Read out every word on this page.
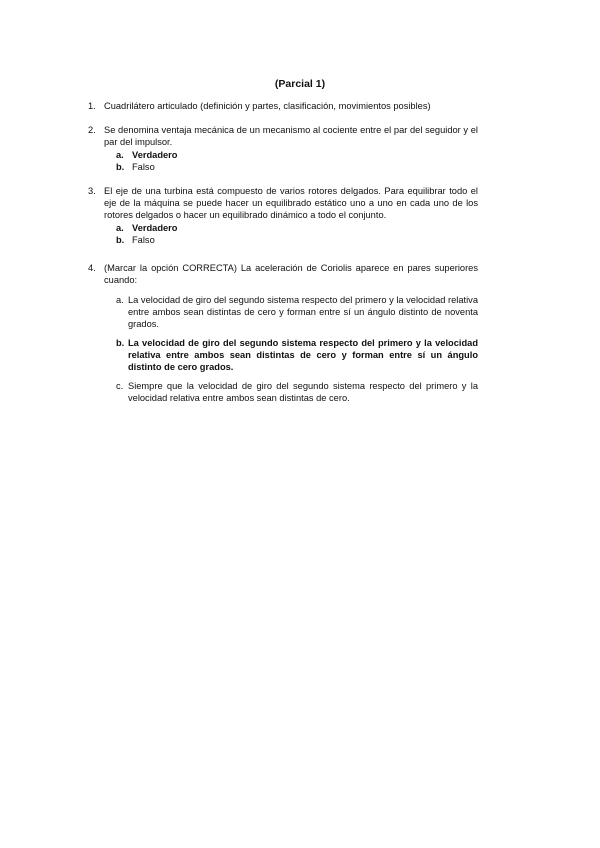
(Parcial 1)
1. Cuadrilátero articulado (definición y partes, clasificación, movimientos posibles)
2. Se denomina ventaja mecánica de un mecanismo al cociente entre el par del seguidor y el par del impulsor.
a. Verdadero
b. Falso
3. El eje de una turbina está compuesto de varios rotores delgados. Para equilibrar todo el eje de la máquina se puede hacer un equilibrado estático uno a uno en cada uno de los rotores delgados o hacer un equilibrado dinámico a todo el conjunto.
a. Verdadero
b. Falso
4. (Marcar la opción CORRECTA) La aceleración de Coriolis aparece en pares superiores cuando:
a. La velocidad de giro del segundo sistema respecto del primero y la velocidad relativa entre ambos sean distintas de cero y forman entre sí un ángulo distinto de noventa grados.
b. La velocidad de giro del segundo sistema respecto del primero y la velocidad relativa entre ambos sean distintas de cero y forman entre sí un ángulo distinto de cero grados.
c. Siempre que la velocidad de giro del segundo sistema respecto del primero y la velocidad relativa entre ambos sean distintas de cero.
